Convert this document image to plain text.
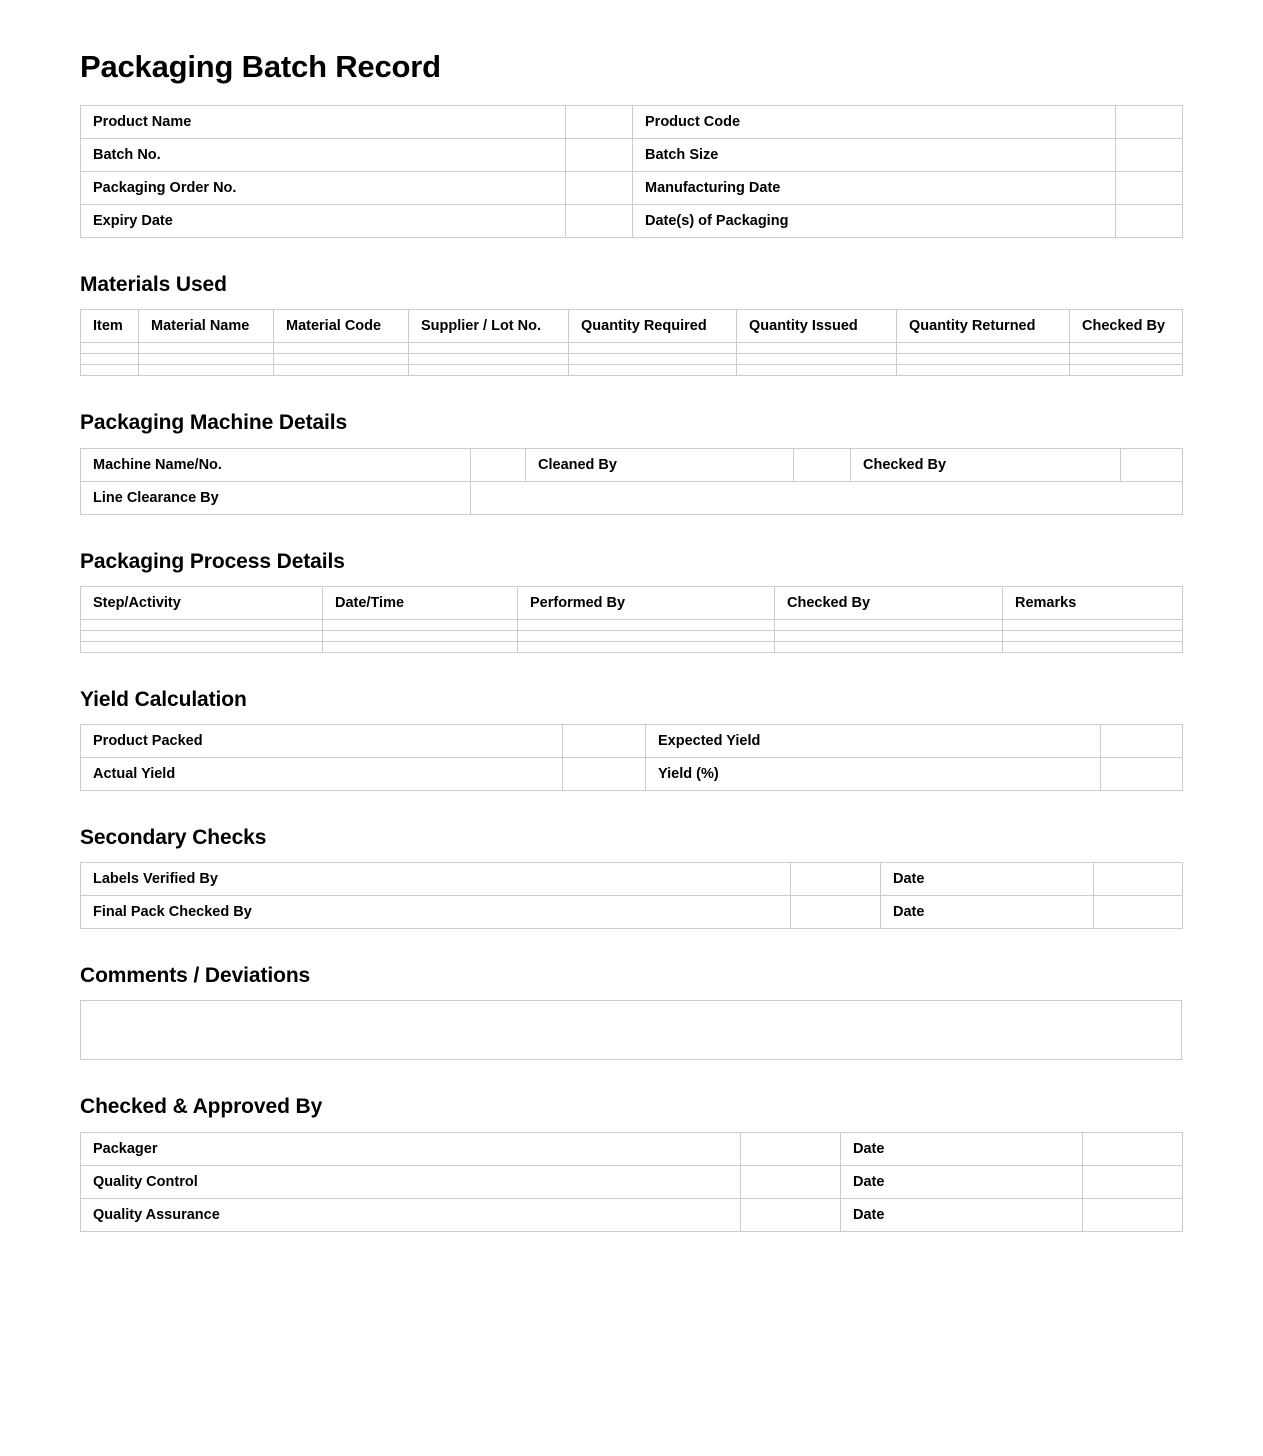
Packaging Batch Record
Product Name		Product Code	
Batch No.		Batch Size	
Packaging Order No.		Manufacturing Date	
Expiry Date		Date(s) of Packaging	
Materials Used
Item	Material Name	Material Code	Supplier / Lot No.	Quantity Required	Quantity Issued	Quantity Returned	Checked By

Packaging Machine Details
Machine Name/No.		Cleaned By		Checked By	
Line Clearance By					
Packaging Process Details
Step/Activity	Date/Time	Performed By	Checked By	Remarks

Yield Calculation
Product Packed		Expected Yield	
Actual Yield		Yield (%)	
Secondary Checks
Labels Verified By		Date	
Final Pack Checked By		Date	
Comments / Deviations
Checked & Approved By
Packager		Date	
Quality Control		Date	
Quality Assurance		Date	
